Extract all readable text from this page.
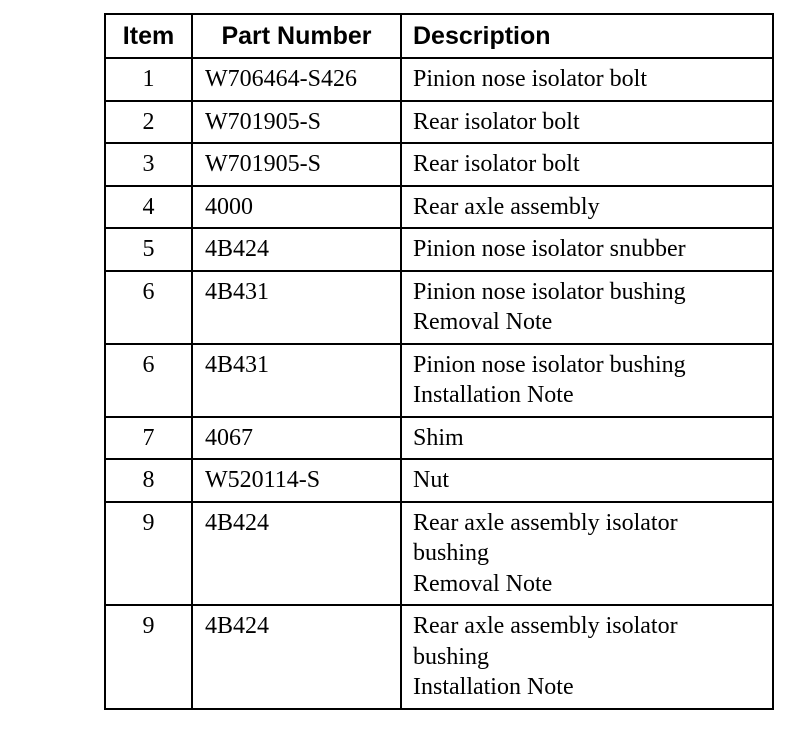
Item	Part Number	Description
1	W706464-S426	Pinion nose isolator bolt

2	W701905-S	Rear isolator bolt

3	W701905-S	Rear isolator bolt

4	4000	Rear axle assembly

5	4B424	Pinion nose isolator snubber

6	4B431	Pinion nose isolator bushing
Removal Note

6	4B431	Pinion nose isolator bushing
Installation Note

7	4067	Shim

8	W520114-S	Nut

9	4B424	Rear axle assembly isolator
bushing
Removal Note

9	4B424	Rear axle assembly isolator
bushing
Installation Note
